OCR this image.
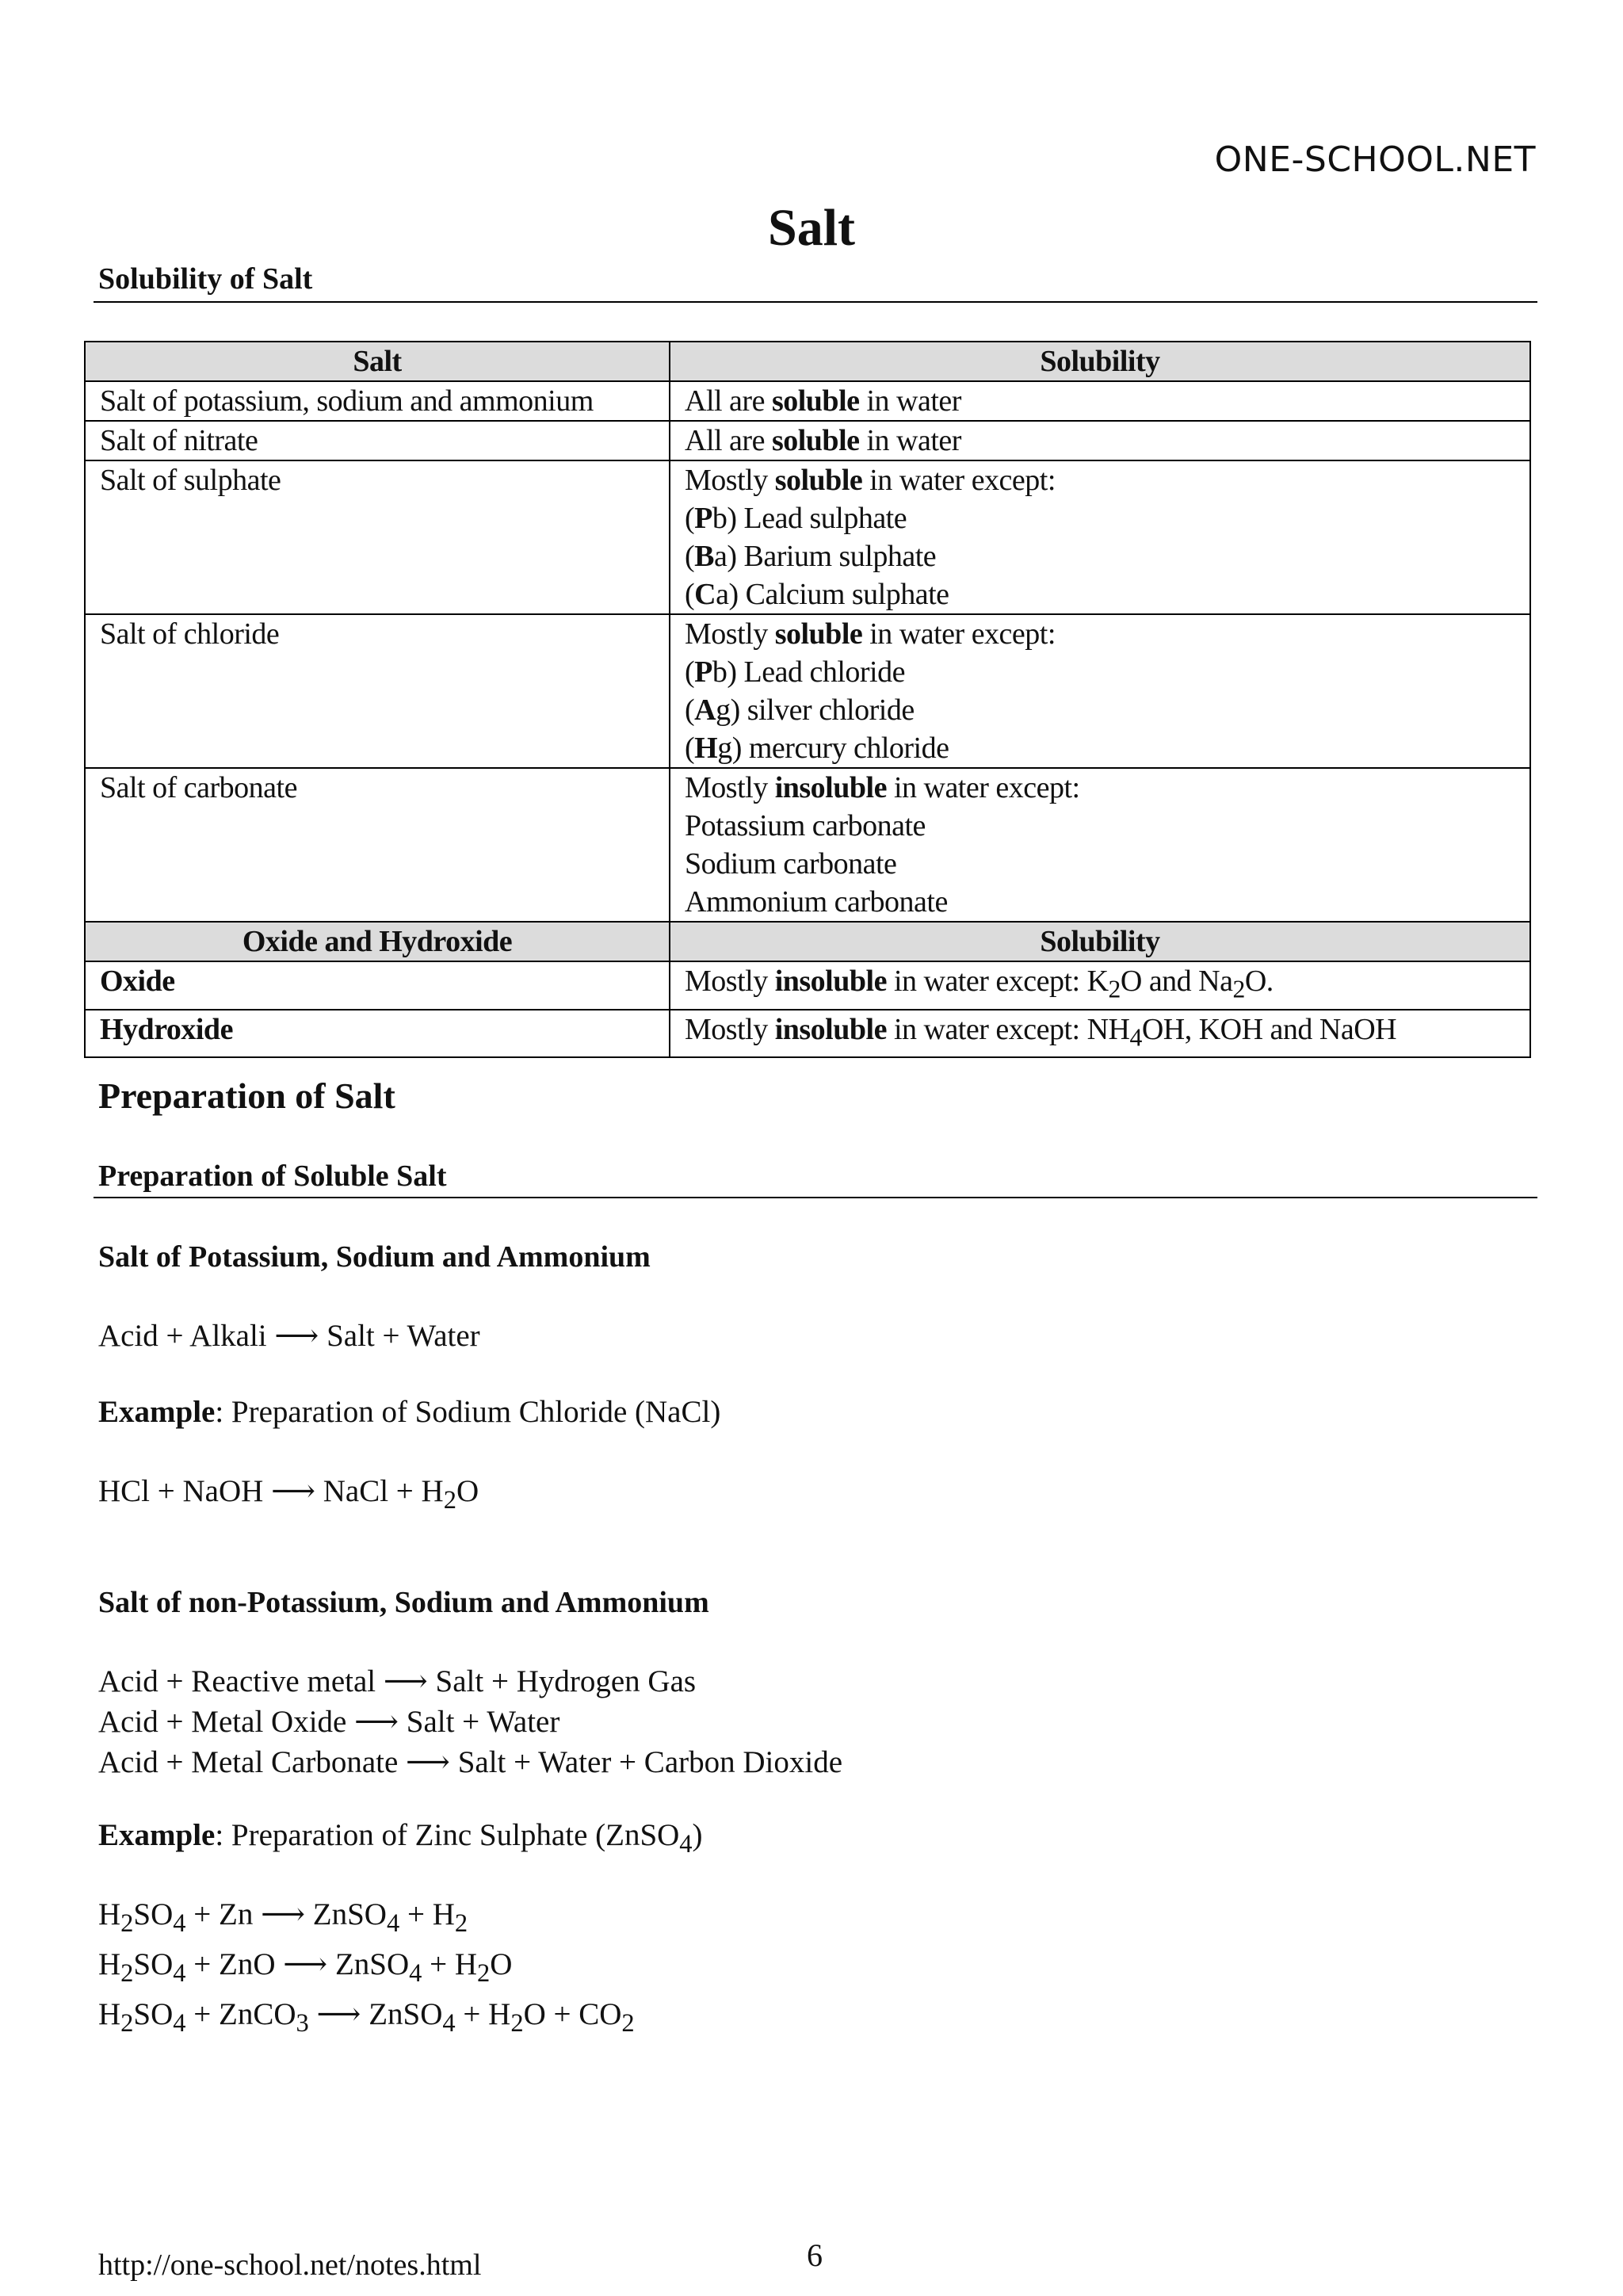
ONE-SCHOOL.NET
Salt
Solubility of Salt
Salt	Solubility
Salt of potassium, sodium and ammonium	All are soluble in water
Salt of nitrate	All are soluble in water
Salt of sulphate	Mostly soluble in water except:
(Pb) Lead sulphate
(Ba) Barium sulphate
(Ca) Calcium sulphate

Salt of chloride	Mostly soluble in water except:
(Pb) Lead chloride
(Ag) silver chloride
(Hg) mercury chloride

Salt of carbonate	Mostly insoluble in water except:
Potassium carbonate
Sodium carbonate
Ammonium carbonate

Oxide and Hydroxide	Solubility
Oxide	Mostly insoluble in water except: $K_2O$ and $Na_2O$.
Hydroxide	Mostly insoluble in water except: $NH_4OH$, KOH and NaOH
Preparation of Salt
Preparation of Soluble Salt
Salt of Potassium, Sodium and Ammonium
Acid + Alkali ⟶ Salt + Water
Example: Preparation of Sodium Chloride (NaCl)
HCl + NaOH ⟶ NaCl + $H_2O$
Salt of non-Potassium, Sodium and Ammonium
Acid + Reactive metal ⟶ Salt + Hydrogen Gas
Acid + Metal Oxide ⟶ Salt + Water
Acid + Metal Carbonate ⟶ Salt + Water + Carbon Dioxide
Example: Preparation of Zinc Sulphate (ZnSO$_4$)
$H_2SO_4 + Zn$ ⟶ ZnSO$_4$ + $H_2$
$H_2SO_4$ + ZnO ⟶ ZnSO$_4$ + $H_2O$
$H_2SO_4$ + ZnCO$_3$ ⟶ ZnSO$_4$ + $H_2O + CO_2$
http://one-school.net/notes.html	6
